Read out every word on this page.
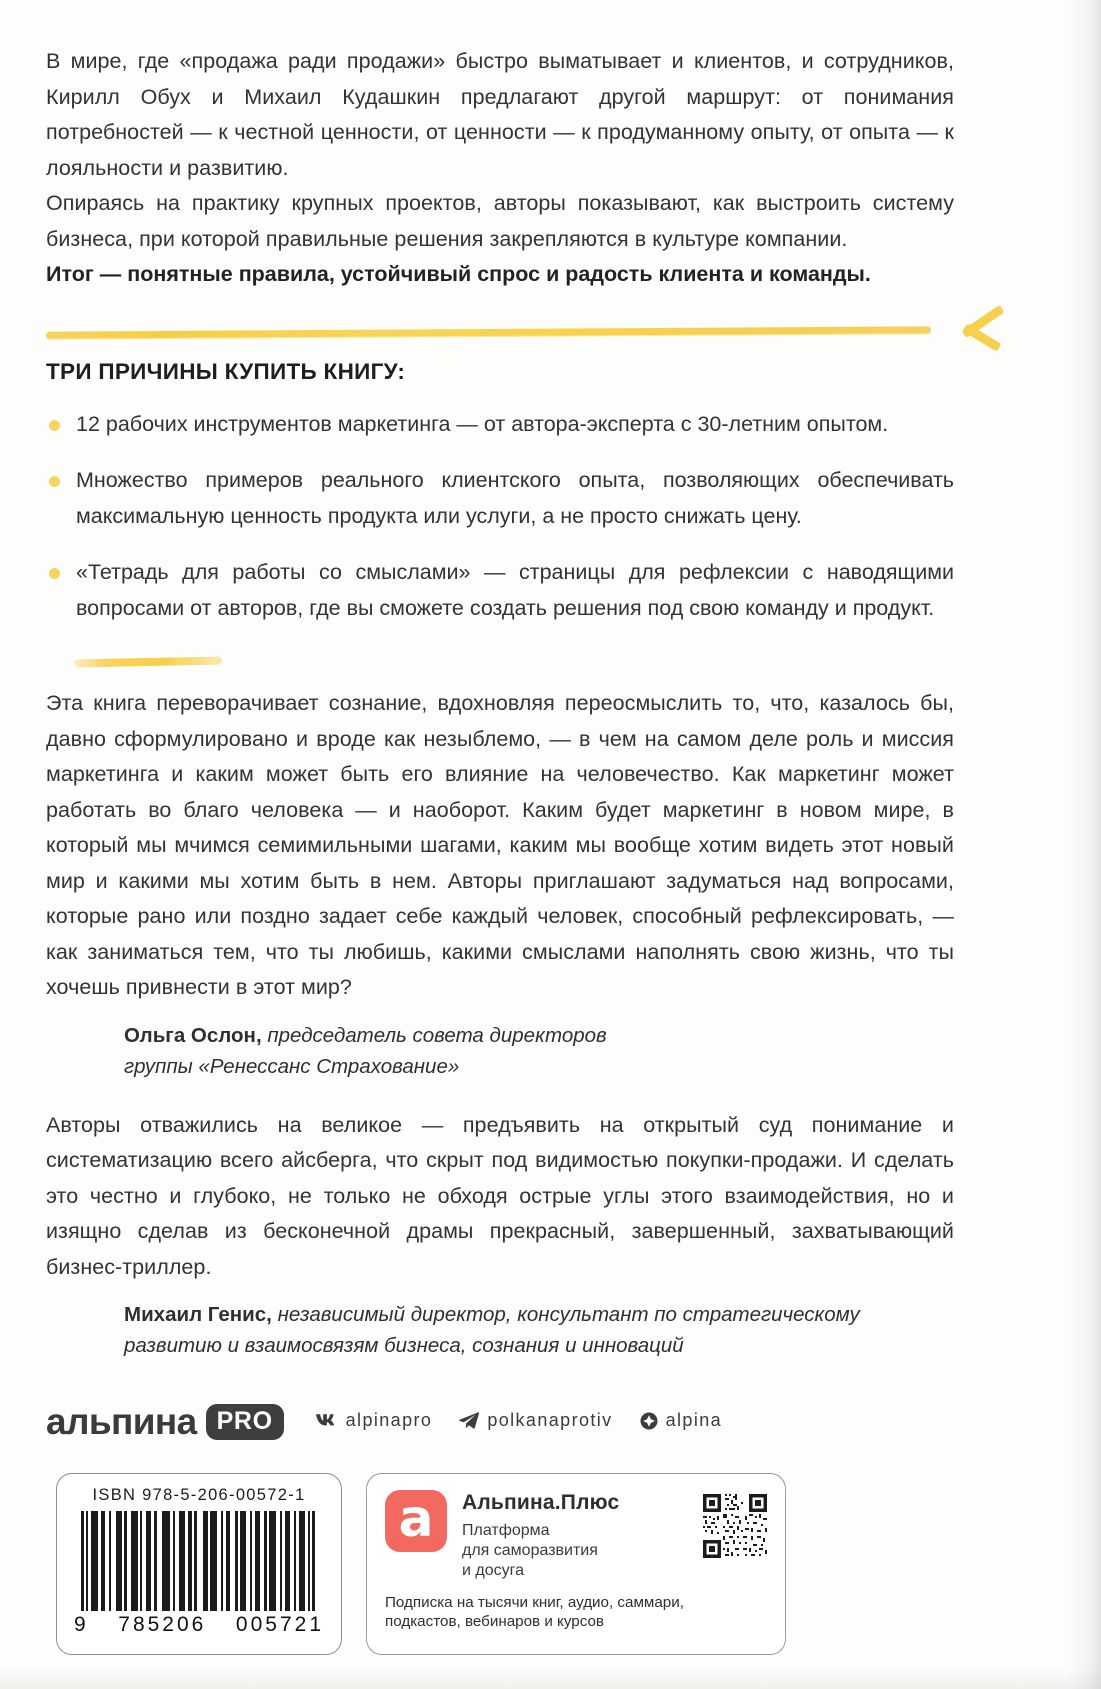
В мире, где «продажа ради продажи» быстро выматывает и клиентов, и сотрудников, Кирилл Обух и Михаил Кудашкин предлагают другой маршрут: от понимания потребностей — к честной ценности, от ценности — к продуманному опыту, от опыта — к лояльности и развитию.

Опираясь на практику крупных проектов, авторы показывают, как выстроить систему бизнеса, при которой правильные решения закрепляются в культуре компании.

Итог — понятные правила, устойчивый спрос и радость клиента и команды.

ТРИ ПРИЧИНЫ КУПИТЬ КНИГУ:
12 рабочих инструментов маркетинга — от автора-эксперта с 30-летним опытом.
Множество примеров реального клиентского опыта, позволяющих обеспечивать максимальную ценность продукта или услуги, а не просто снижать цену.
«Тетрадь для работы со смыслами» — страницы для рефлексии с наводящими вопросами от авторов, где вы сможете создать решения под свою команду и продукт.

Эта книга переворачивает сознание, вдохновляя переосмыслить то, что, казалось бы, давно сформулировано и вроде как незыблемо, — в чем на самом деле роль и миссия маркетинга и каким может быть его влияние на человечество. Как маркетинг может работать во благо человека — и наоборот. Каким будет маркетинг в новом мире, в который мы мчимся семимильными шагами, каким мы вообще хотим видеть этот новый мир и какими мы хотим быть в нем. Авторы приглашают задуматься над вопросами, которые рано или поздно задает себе каждый человек, способный рефлексировать, — как заниматься тем, что ты любишь, какими смыслами наполнять свою жизнь, что ты хочешь привнести в этот мир?

Ольга Ослон, председатель совета директоров
группы «Ренессанс Страхование»

Авторы отважились на великое — предъявить на открытый суд понимание и систематизацию всего айсберга, что скрыт под видимостью покупки-продажи. И сделать это честно и глубоко, не только не обходя острые углы этого взаимодействия, но и изящно сделав из бесконечной драмы прекрасный, завершенный, захватывающий бизнес-триллер.

Михаил Генис, независимый директор, консультант по стратегическому
развитию и взаимосвязям бизнеса, сознания и инноваций
альпина PRO	alpinapro	polkanaprotiv	alpina
ISBN 978-5-206-00572-1
9 785206 005721
a	Альпина.Плюс
Платформа
для саморазвития
и досуга
Подписка на тысячи книг, аудио, саммари,
подкастов, вебинаров и курсов
